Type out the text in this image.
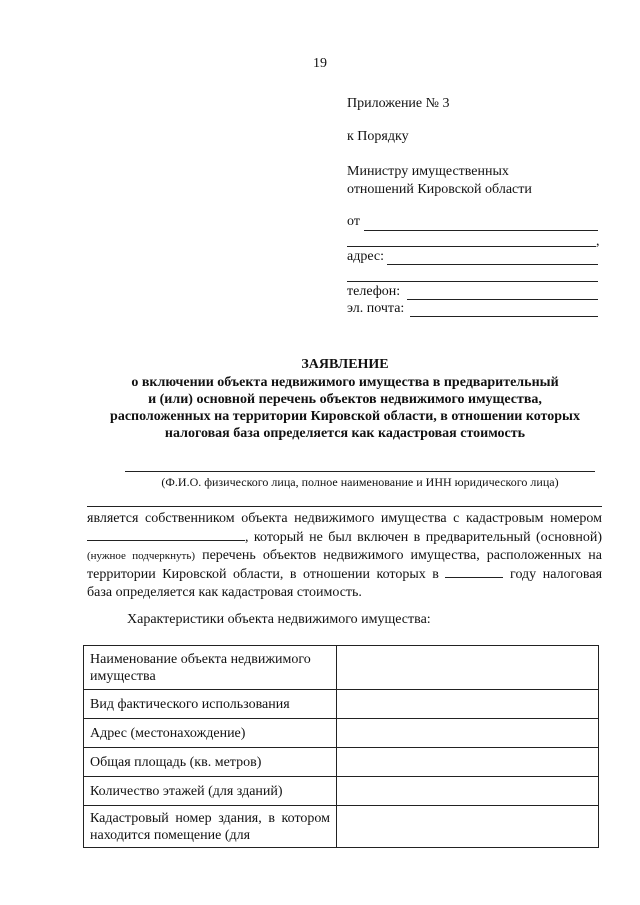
19
Приложение № 3
к Порядку
Министру имущественных
отношений Кировской области
от
,
адрес:
телефон:
эл. почта:
ЗАЯВЛЕНИЕ
о включении объекта недвижимого имущества в предварительный
и (или) основной перечень объектов недвижимого имущества,
расположенных на территории Кировской области, в отношении которых
налоговая база определяется как кадастровая стоимость
(Ф.И.О. физического лица, полное наименование и ИНН юридического лица)
является собственником объекта недвижимого имущества с кадастровым номером , который не был включен в предварительный (основной) (нужное подчеркнуть) перечень объектов недвижимого имущества, расположенных на территории Кировской области, в отношении которых в	году налоговая база определяется как кадастровая стоимость.
Характеристики объекта недвижимого имущества:
Наименование объекта недвижимого имущества	
Вид фактического использования	
Адрес (местонахождение)	
Общая площадь (кв. метров)	
Количество этажей (для зданий)	
Кадастровый номер здания, в котором находится помещение (для	
